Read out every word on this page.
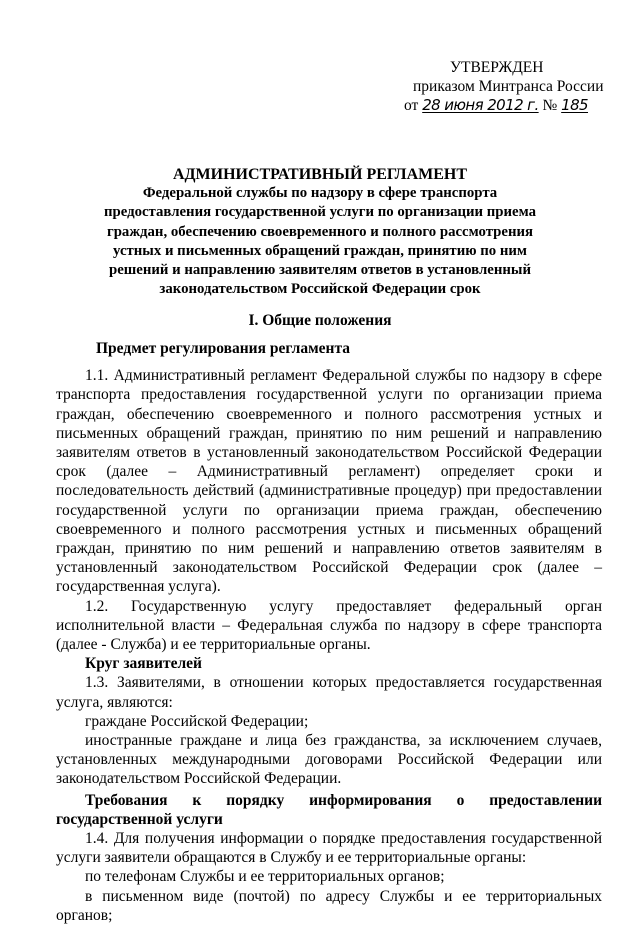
УТВЕРЖДЕН
приказом Минтранса России
от 28 июня 2012 г. № 185
АДМИНИСТРАТИВНЫЙ РЕГЛАМЕНТ
Федеральной службы по надзору в сфере транспорта
предоставления государственной услуги по организации приема
граждан, обеспечению своевременного и полного рассмотрения
устных и письменных обращений граждан, принятию по ним
решений и направлению заявителям ответов в установленный
законодательством Российской Федерации срок
I. Общие положения

Предмет регулирования регламента

1.1. Административный регламент Федеральной службы по надзору в сфере транспорта предоставления государственной услуги по организации приема граждан, обеспечению своевременного и полного рассмотрения устных и письменных обращений граждан, принятию по ним решений и направлению заявителям ответов в установленный законодательством Российской Федерации срок (далее – Административный регламент) определяет сроки и последовательность действий (административные процедур) при предоставлении государственной услуги по организации приема граждан, обеспечению своевременного и полного рассмотрения устных и письменных обращений граждан, принятию по ним решений и направлению ответов заявителям в установленный законодательством Российской Федерации срок (далее – государственная услуга).

1.2. Государственную услугу предоставляет федеральный орган исполнительной власти – Федеральная служба по надзору в сфере транспорта (далее - Служба) и ее территориальные органы.

Круг заявителей

1.3. Заявителями, в отношении которых предоставляется государственная услуга, являются:

граждане Российской Федерации;

иностранные граждане и лица без гражданства, за исключением случаев, установленных международными договорами Российской Федерации или законодательством Российской Федерации.

Требования к порядку информирования о предоставлении

государственной услуги

1.4. Для получения информации о порядке предоставления государственной услуги заявители обращаются в Службу и ее территориальные органы:

по телефонам Службы и ее территориальных органов;

в письменном виде (почтой) по адресу Службы и ее территориальных органов;
